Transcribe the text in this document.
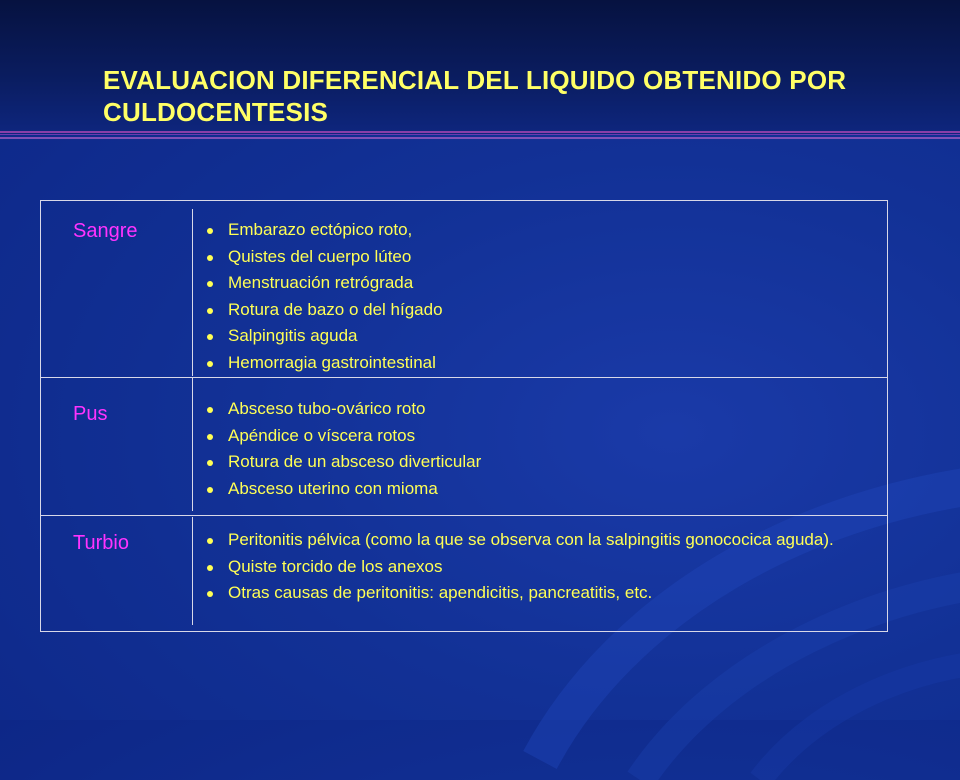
EVALUACION DIFERENCIAL DEL LIQUIDO OBTENIDO POR CULDOCENTESIS
Sangre	Embarazo ectópico roto,
Quistes del cuerpo lúteo
Menstruación retrógrada
Rotura de bazo o del hígado
Salpingitis aguda
Hemorragia gastrointestinal
Pus	Absceso tubo-ovárico roto
Apéndice o víscera rotos
Rotura de un absceso diverticular
Absceso uterino con mioma
Turbio	Peritonitis pélvica (como la que se observa con la salpingitis gonococica aguda).
Quiste torcido de los anexos
Otras causas de peritonitis: apendicitis, pancreatitis, etc.
